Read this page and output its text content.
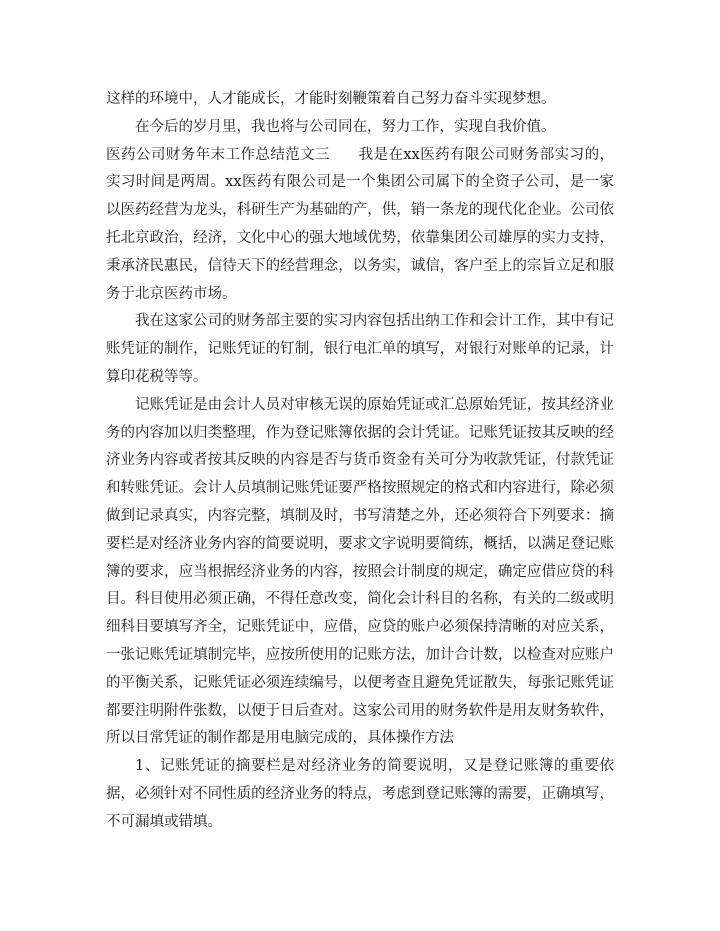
这样的环境中，人才能成长，才能时刻鞭策着自己努力奋斗实现梦想。

在今后的岁月里，我也将与公司同在，努力工作，实现自我价值。

医药公司财务年末工作总结范文三 我是在xx医药有限公司财务部实习的，实习时间是两周。xx医药有限公司是一个集团公司属下的全资子公司，是一家以医药经营为龙头，科研生产为基础的产，供，销一条龙的现代化企业。公司依托北京政治，经济，文化中心的强大地域优势，依靠集团公司雄厚的实力支持，秉承济民惠民，信待天下的经营理念，以务实，诚信，客户至上的宗旨立足和服务于北京医药市场。

我在这家公司的财务部主要的实习内容包括出纳工作和会计工作，其中有记账凭证的制作，记账凭证的钉制，银行电汇单的填写，对银行对账单的记录，计算印花税等等。

记账凭证是由会计人员对审核无误的原始凭证或汇总原始凭证，按其经济业务的内容加以归类整理，作为登记账簿依据的会计凭证。记账凭证按其反映的经济业务内容或者按其反映的内容是否与货币资金有关可分为收款凭证，付款凭证和转账凭证。会计人员填制记账凭证要严格按照规定的格式和内容进行，除必须做到记录真实，内容完整，填制及时，书写清楚之外，还必须符合下列要求：摘要栏是对经济业务内容的简要说明，要求文字说明要简练，概括，以满足登记账簿的要求，应当根据经济业务的内容，按照会计制度的规定，确定应借应贷的科目。科目使用必须正确，不得任意改变，简化会计科目的名称，有关的二级或明细科目要填写齐全，记账凭证中，应借，应贷的账户必须保持清晰的对应关系，一张记账凭证填制完毕，应按所使用的记账方法，加计合计数，以检查对应账户的平衡关系，记账凭证必须连续编号，以便考查且避免凭证散失，每张记账凭证都要注明附件张数，以便于日后查对。这家公司用的财务软件是用友财务软件，所以日常凭证的制作都是用电脑完成的，具体操作方法

1、记账凭证的摘要栏是对经济业务的简要说明，又是登记账簿的重要依据，必须针对不同性质的经济业务的特点，考虑到登记账簿的需要，正确填写，不可漏填或错填。
